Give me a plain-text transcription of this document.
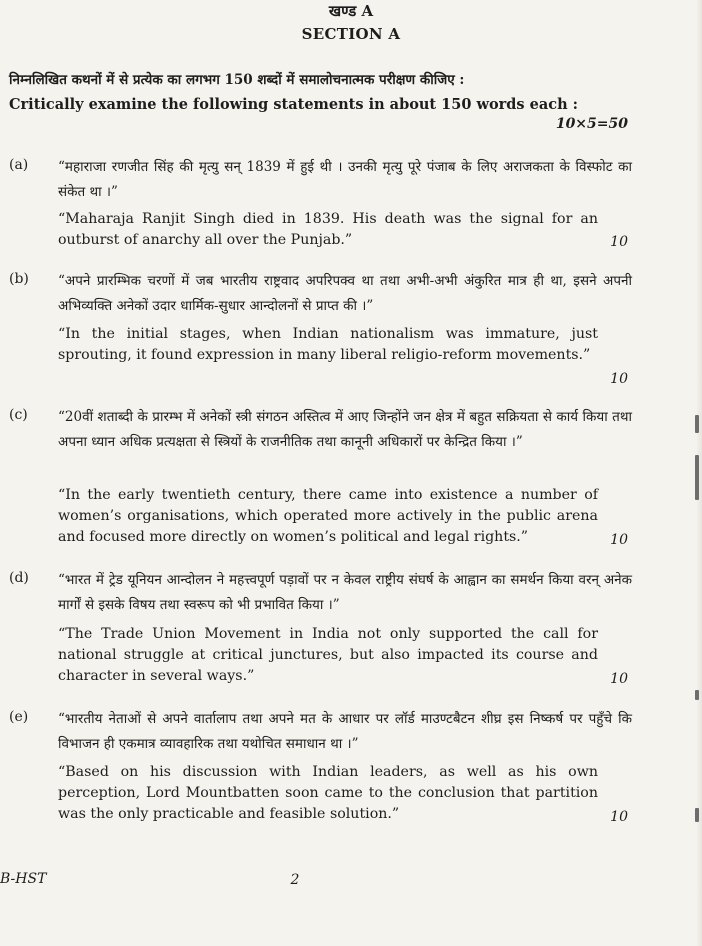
खण्ड A
SECTION A
निम्नलिखित कथनों में से प्रत्येक का लगभग 150 शब्दों में समालोचनात्मक परीक्षण कीजिए :
Critically examine the following statements in about 150 words each :
10×5=50
(a) “महाराजा रणजीत सिंह की मृत्यु सन् 1839 में हुई थी । उनकी मृत्यु पूरे पंजाब के लिए अराजकता के विस्फोट का संकेत था ।”
“Maharaja Ranjit Singh died in 1839. His death was the signal for an outburst of anarchy all over the Punjab.”	10
(b) “अपने प्रारम्भिक चरणों में जब भारतीय राष्ट्रवाद अपरिपक्व था तथा अभी-अभी अंकुरित मात्र ही था, इसने अपनी अभिव्यक्ति अनेकों उदार धार्मिक-सुधार आन्दोलनों से प्राप्त की ।”
“In the initial stages, when Indian nationalism was immature, just sprouting, it found expression in many liberal religio-reform movements.”
10
(c) “20वीं शताब्दी के प्रारम्भ में अनेकों स्त्री संगठन अस्तित्व में आए जिन्होंने जन क्षेत्र में बहुत सक्रियता से कार्य किया तथा अपना ध्यान अधिक प्रत्यक्षता से स्त्रियों के राजनीतिक तथा कानूनी अधिकारों पर केन्द्रित किया ।”
“In the early twentieth century, there came into existence a number of women’s organisations, which operated more actively in the public arena and focused more directly on women’s political and legal rights.”	10
(d) “भारत में ट्रेड यूनियन आन्दोलन ने महत्त्वपूर्ण पड़ावों पर न केवल राष्ट्रीय संघर्ष के आह्वान का समर्थन किया वरन् अनेक मार्गों से इसके विषय तथा स्वरूप को भी प्रभावित किया ।”
“The Trade Union Movement in India not only supported the call for national struggle at critical junctures, but also impacted its course and character in several ways.”	10
(e) “भारतीय नेताओं से अपने वार्तालाप तथा अपने मत के आधार पर लॉर्ड माउण्टबैटन शीघ्र इस निष्कर्ष पर पहुँचे कि विभाजन ही एकमात्र व्यावहारिक तथा यथोचित समाधान था ।”
“Based on his discussion with Indian leaders, as well as his own perception, Lord Mountbatten soon came to the conclusion that partition was the only practicable and feasible solution.”	10
B-HST	2
